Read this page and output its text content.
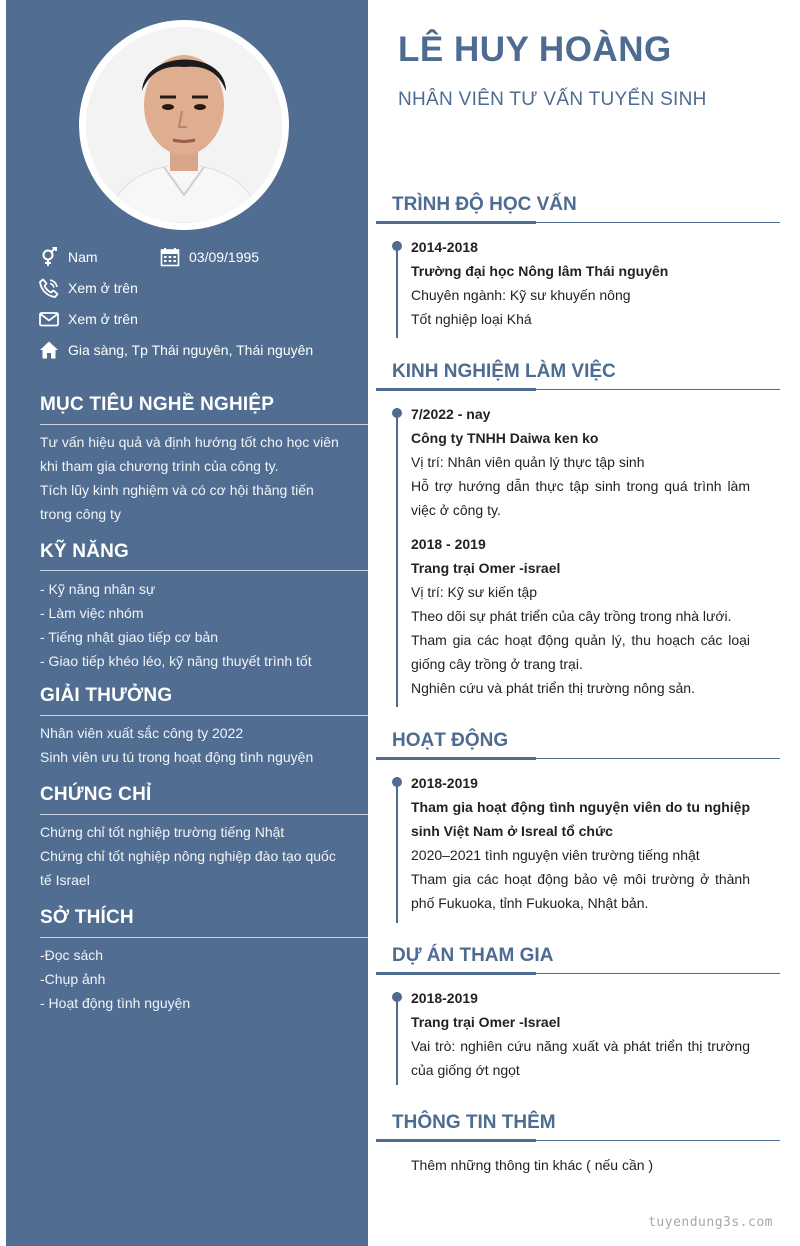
Nam	03/09/1995
Xem ở trên
Xem ở trên
Gia sàng, Tp Thái nguyên, Thái nguyên
MỤC TIÊU NGHỀ NGHIỆP
Tư vấn hiệu quả và định hướng tốt cho học viên
khi tham gia chương trình của công ty.
Tích lũy kinh nghiệm và có cơ hội thăng tiến
trong công ty
KỸ NĂNG
- Kỹ năng nhân sự
- Làm việc nhóm
- Tiếng nhật giao tiếp cơ bản
- Giao tiếp khéo léo, kỹ năng thuyết trình tốt
GIẢI THƯỞNG
Nhân viên xuất sắc công ty 2022
Sinh viên ưu tú trong hoạt động tình nguyện
CHỨNG CHỈ
Chứng chỉ tốt nghiệp trường tiếng Nhật
Chứng chỉ tốt nghiệp nông nghiệp đào tạo quốc
tế Israel
SỞ THÍCH
-Đọc sách
-Chụp ảnh
- Hoạt động tình nguyện
LÊ HUY HOÀNG
NHÂN VIÊN TƯ VẤN TUYỂN SINH
TRÌNH ĐỘ HỌC VẤN
2014-2018
Trường đại học Nông lâm Thái nguyên
Chuyên ngành: Kỹ sư khuyến nông
Tốt nghiệp loại Khá
KINH NGHIỆM LÀM VIỆC
7/2022 - nay
Công ty TNHH Daiwa ken ko
Vị trí: Nhân viên quản lý thực tập sinh
Hỗ trợ hướng dẫn thực tập sinh trong quá trình làm việc ở công ty.
2018 - 2019
Trang trại Omer -israel
Vị trí: Kỹ sư kiến tập
Theo dõi sự phát triển của cây trồng trong nhà lưới.
Tham gia các hoạt động quản lý, thu hoạch các loại giống cây trồng ở trang trại.
Nghiên cứu và phát triển thị trường nông sản.
HOẠT ĐỘNG
2018-2019
Tham gia hoạt động tình nguyện viên do tu nghiệp sinh Việt Nam ở Isreal tổ chức
2020–2021 tình nguyện viên trường tiếng nhật
Tham gia các hoạt động bảo vệ môi trường ở thành phố Fukuoka, tỉnh Fukuoka, Nhật bản.
DỰ ÁN THAM GIA
2018-2019
Trang trại Omer -Israel
Vai trò: nghiên cứu năng xuất và phát triển thị trường của giống ớt ngọt
THÔNG TIN THÊM
Thêm những thông tin khác ( nếu cần )
tuyendung3s.com
